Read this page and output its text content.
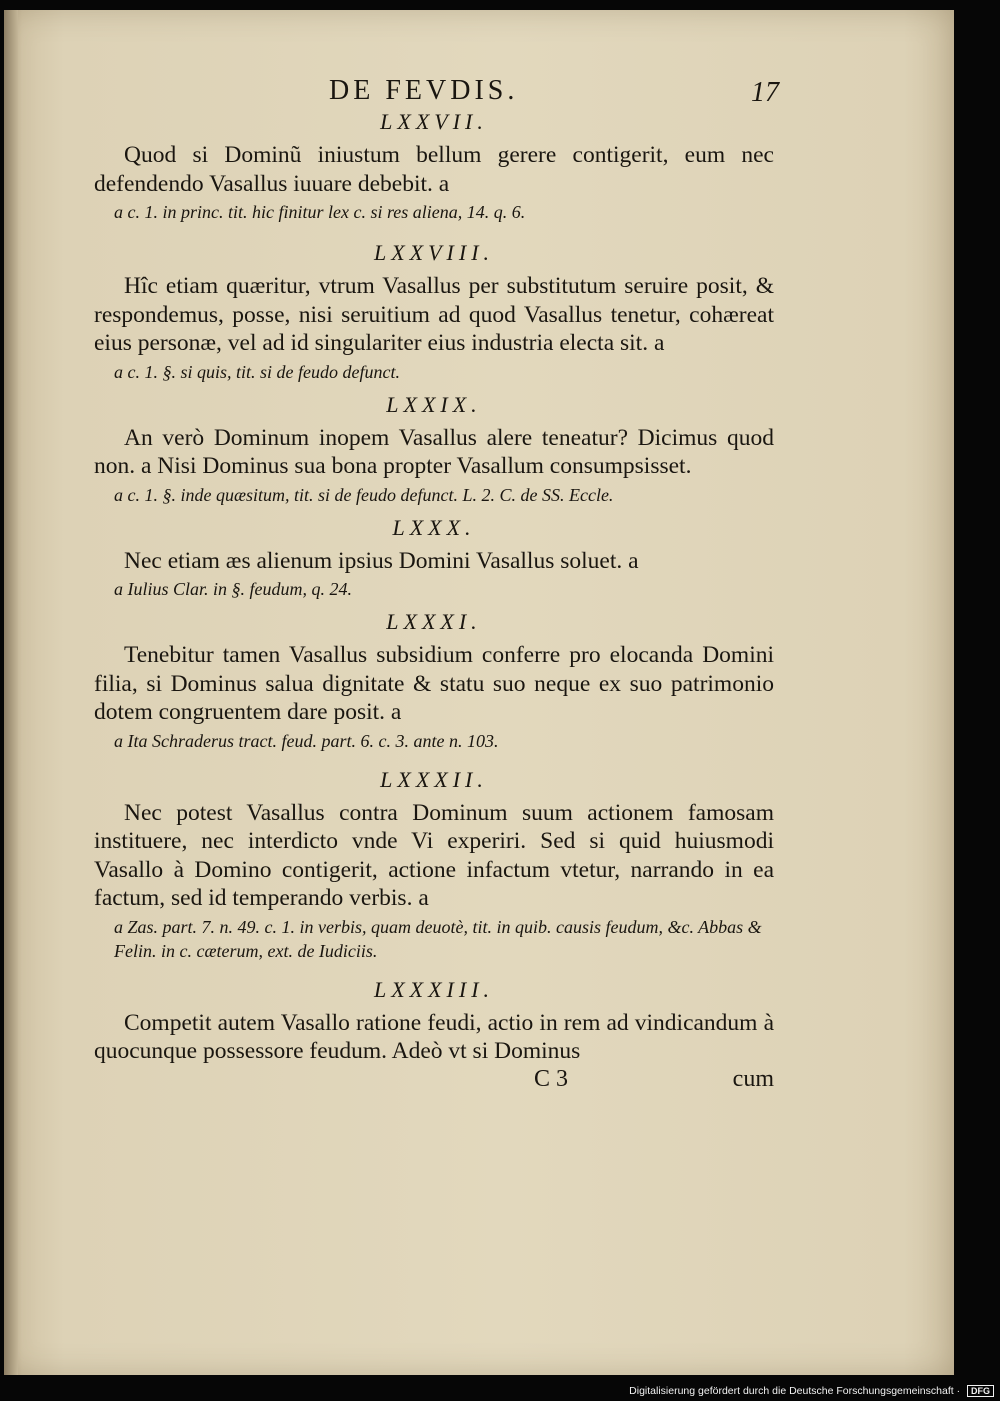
DE FEVDIS.	17
LXXVII.

Quod si Dominũ iniustum bellum gerere contigerit, eum nec defendendo Vasallus iuuare debebit. a

a c. 1. in princ. tit. hic finitur lex c. si res aliena, 14. q. 6.
LXXVIII.

Hîc etiam quæritur, vtrum Vasallus per substitutum seruire posit, & respondemus, posse, nisi seruitium ad quod Vasallus tenetur, cohæreat eius personæ, vel ad id singulariter eius industria electa sit. a

a c. 1. §. si quis, tit. si de feudo defunct.
LXXIX.

An verò Dominum inopem Vasallus alere teneatur? Dicimus quod non. a Nisi Dominus sua bona propter Vasallum consumpsisset.

a c. 1. §. inde quæsitum, tit. si de feudo defunct. L. 2. C. de SS. Eccle.
LXXX.

Nec etiam æs alienum ipsius Domini Vasallus soluet. a

a Iulius Clar. in §. feudum, q. 24.
LXXXI.

Tenebitur tamen Vasallus subsidium conferre pro elocanda Domini filia, si Dominus salua dignitate & statu suo neque ex suo patrimonio dotem congruentem dare posit. a

a Ita Schraderus tract. feud. part. 6. c. 3. ante n. 103.
LXXXII.

Nec potest Vasallus contra Dominum suum actionem famosam instituere, nec interdicto vnde Vi experiri. Sed si quid huiusmodi Vasallo à Domino contigerit, actione infactum vtetur, narrando in ea factum, sed id temperando verbis. a

a Zas. part. 7. n. 49. c. 1. in verbis, quam deuotè, tit. in quib. causis feudum, &c. Abbas & Felin. in c. cæterum, ext. de Iudiciis.
LXXXIII.

Competit autem Vasallo ratione feudi, actio in rem ad vindicandum à quocunque possessore feudum. Adeò vt si Dominus

C 3	cum
Digitalisierung gefördert durch die Deutsche Forschungsgemeinschaft · DFG
